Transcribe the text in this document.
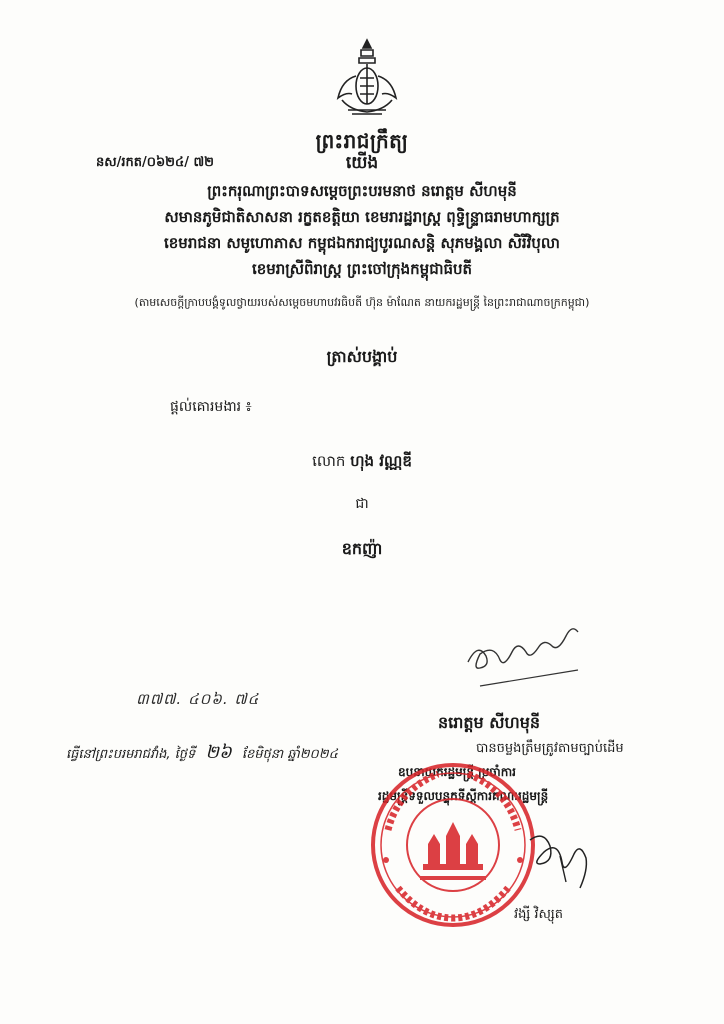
ព្រះរាជក្រឹត្យ
នស/រកត/០៦២៤/ ៧២	យើង
ព្រះករុណាព្រះបាទសម្តេចព្រះបរមនាថ នរោត្តម សីហមុនី
សមានភូមិជាតិសាសនា រក្ខតខត្តិយា ខេមរារដ្ឋរាស្ត្រ ពុទ្ធិន្ទ្រាធរាមហាក្សត្រ
ខេមរាជនា សមូហោភាស កម្ពុជឯករាជ្យបូរណសន្តិ សុភមង្គលា សិរីវិបុលា
ខេមរាស្រីពិរាស្ត្រ ព្រះចៅក្រុងកម្ពុជាធិបតី
(តាមសេចក្តីក្រាបបង្គំទូលថ្វាយរបស់សម្តេចមហាបវរធិបតី ហ៊ុន ម៉ាណែត នាយករដ្ឋមន្ត្រី នៃព្រះរាជាណាចក្រកម្ពុជា)
ត្រាស់បង្គាប់
ផ្តល់គោរមងារ ៖
លោក ហុង វណ្ណឌី
ជា
ឧកញ៉ា
៣៧៧. ៤០៦. ៧៤
នរោត្តម សីហមុនី
ធ្វើនៅព្រះបរមរាជវាំង, ថ្ងៃទី ២៦ ខែមិថុនា ឆ្នាំ២០២៤	បានចម្លងត្រឹមត្រូវតាមច្បាប់ដើម
ឧបនាយករដ្ឋមន្ត្រី ប្រចាំការ
រដ្ឋមន្ត្រីទទួលបន្ទុកទីស្តីការគណៈរដ្ឋមន្ត្រី
វង្សី វិស្សុត
